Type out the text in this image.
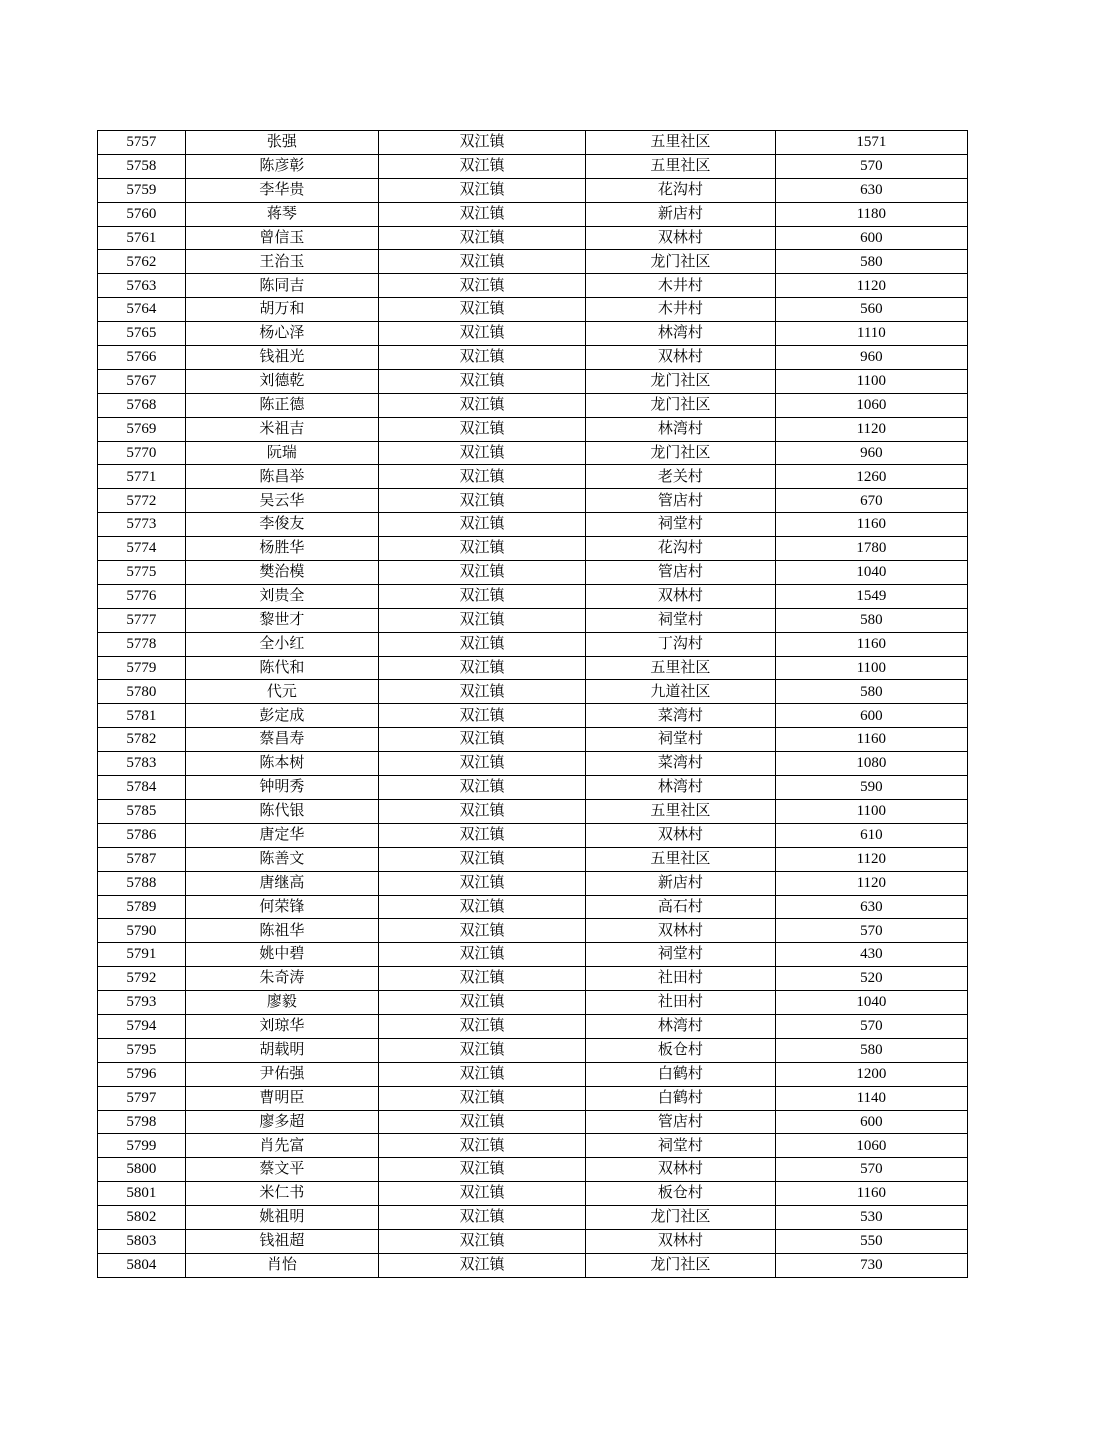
5757	张强	双江镇	五里社区	1571
5758	陈彦彰	双江镇	五里社区	570
5759	李华贵	双江镇	花沟村	630
5760	蒋琴	双江镇	新店村	1180
5761	曾信玉	双江镇	双林村	600
5762	王治玉	双江镇	龙门社区	580
5763	陈同吉	双江镇	木井村	1120
5764	胡万和	双江镇	木井村	560
5765	杨心泽	双江镇	林湾村	1110
5766	钱祖光	双江镇	双林村	960
5767	刘德乾	双江镇	龙门社区	1100
5768	陈正德	双江镇	龙门社区	1060
5769	米祖吉	双江镇	林湾村	1120
5770	阮瑞	双江镇	龙门社区	960
5771	陈昌举	双江镇	老关村	1260
5772	吴云华	双江镇	管店村	670
5773	李俊友	双江镇	祠堂村	1160
5774	杨胜华	双江镇	花沟村	1780
5775	樊治模	双江镇	管店村	1040
5776	刘贵全	双江镇	双林村	1549
5777	黎世才	双江镇	祠堂村	580
5778	全小红	双江镇	丁沟村	1160
5779	陈代和	双江镇	五里社区	1100
5780	代元	双江镇	九道社区	580
5781	彭定成	双江镇	菜湾村	600
5782	蔡昌寿	双江镇	祠堂村	1160
5783	陈本树	双江镇	菜湾村	1080
5784	钟明秀	双江镇	林湾村	590
5785	陈代银	双江镇	五里社区	1100
5786	唐定华	双江镇	双林村	610
5787	陈善文	双江镇	五里社区	1120
5788	唐继高	双江镇	新店村	1120
5789	何荣锋	双江镇	高石村	630
5790	陈祖华	双江镇	双林村	570
5791	姚中碧	双江镇	祠堂村	430
5792	朱奇涛	双江镇	社田村	520
5793	廖毅	双江镇	社田村	1040
5794	刘琼华	双江镇	林湾村	570
5795	胡载明	双江镇	板仓村	580
5796	尹佑强	双江镇	白鹤村	1200
5797	曹明臣	双江镇	白鹤村	1140
5798	廖多超	双江镇	管店村	600
5799	肖先富	双江镇	祠堂村	1060
5800	蔡文平	双江镇	双林村	570
5801	米仁书	双江镇	板仓村	1160
5802	姚祖明	双江镇	龙门社区	530
5803	钱祖超	双江镇	双林村	550
5804	肖怡	双江镇	龙门社区	730
